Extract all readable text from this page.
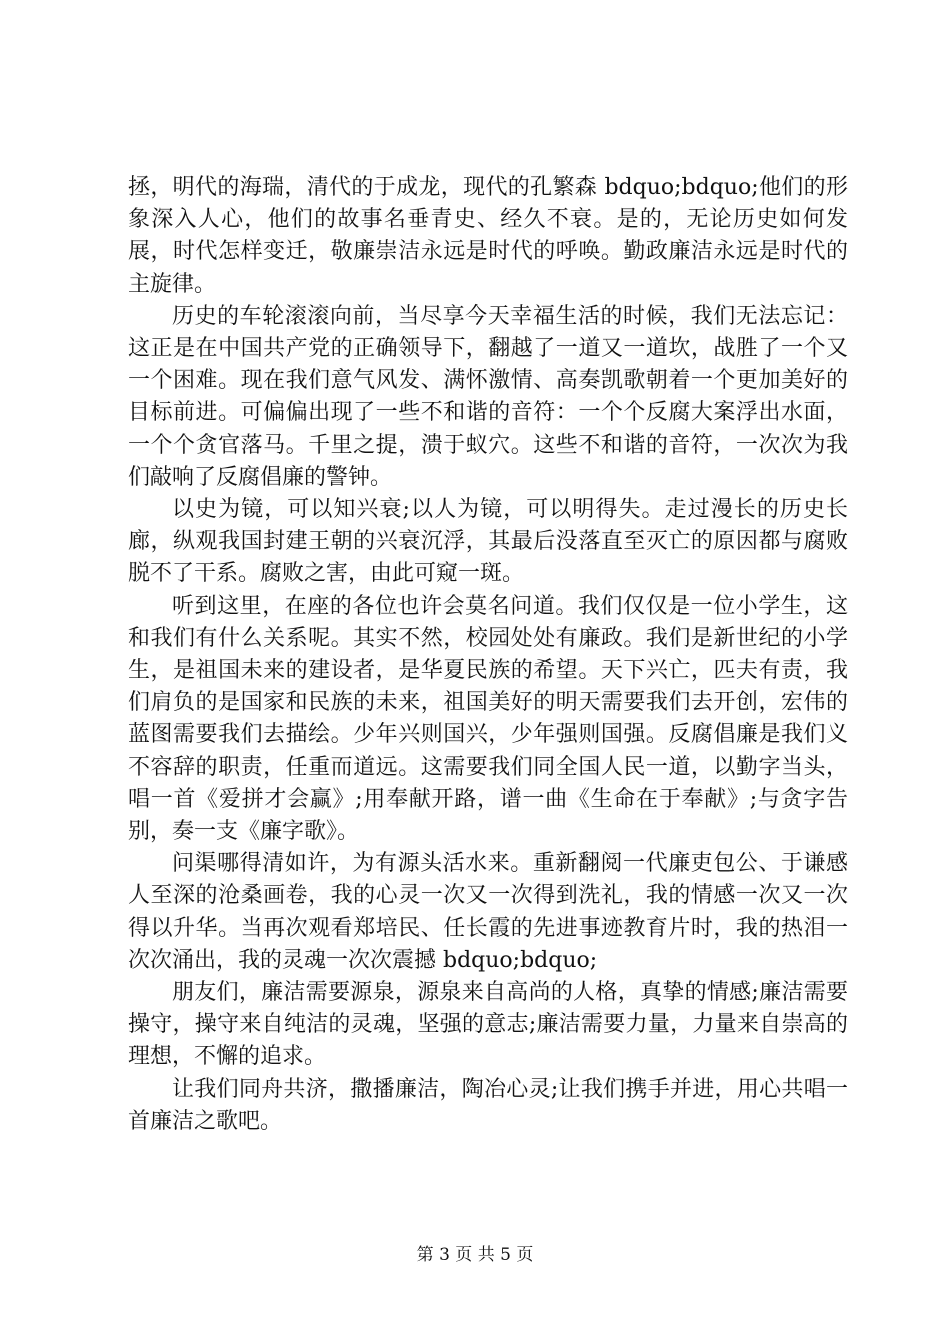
拯，明代的海瑞，清代的于成龙，现代的孔繁森 bdquo;bdquo;他们的形象深入人心，他们的故事名垂青史、经久不衰。是的，无论历史如何发展，时代怎样变迁，敬廉崇洁永远是时代的呼唤。勤政廉洁永远是时代的主旋律。

历史的车轮滚滚向前，当尽享今天幸福生活的时候，我们无法忘记：这正是在中国共产党的正确领导下，翻越了一道又一道坎，战胜了一个又一个困难。现在我们意气风发、满怀激情、高奏凯歌朝着一个更加美好的目标前进。可偏偏出现了一些不和谐的音符：一个个反腐大案浮出水面，一个个贪官落马。千里之提，溃于蚁穴。这些不和谐的音符，一次次为我们敲响了反腐倡廉的警钟。

以史为镜，可以知兴衰;以人为镜，可以明得失。走过漫长的历史长廊，纵观我国封建王朝的兴衰沉浮，其最后没落直至灭亡的原因都与腐败脱不了干系。腐败之害，由此可窥一斑。

听到这里，在座的各位也许会莫名问道。我们仅仅是一位小学生，这和我们有什么关系呢。其实不然，校园处处有廉政。我们是新世纪的小学生，是祖国未来的建设者，是华夏民族的希望。天下兴亡，匹夫有责，我们肩负的是国家和民族的未来，祖国美好的明天需要我们去开创，宏伟的蓝图需要我们去描绘。少年兴则国兴，少年强则国强。反腐倡廉是我们义不容辞的职责，任重而道远。这需要我们同全国人民一道，以勤字当头，唱一首《爱拼才会赢》;用奉献开路，谱一曲《生命在于奉献》;与贪字告别，奏一支《廉字歌》。

问渠哪得清如许，为有源头活水来。重新翻阅一代廉吏包公、于谦感人至深的沧桑画卷，我的心灵一次又一次得到洗礼，我的情感一次又一次得以升华。当再次观看郑培民、任长霞的先进事迹教育片时，我的热泪一次次涌出，我的灵魂一次次震撼 bdquo;bdquo;

朋友们，廉洁需要源泉，源泉来自高尚的人格，真挚的情感;廉洁需要操守，操守来自纯洁的灵魂，坚强的意志;廉洁需要力量，力量来自崇高的理想，不懈的追求。

让我们同舟共济，撒播廉洁，陶冶心灵;让我们携手并进，用心共唱一首廉洁之歌吧。

第 3 页 共 5 页
